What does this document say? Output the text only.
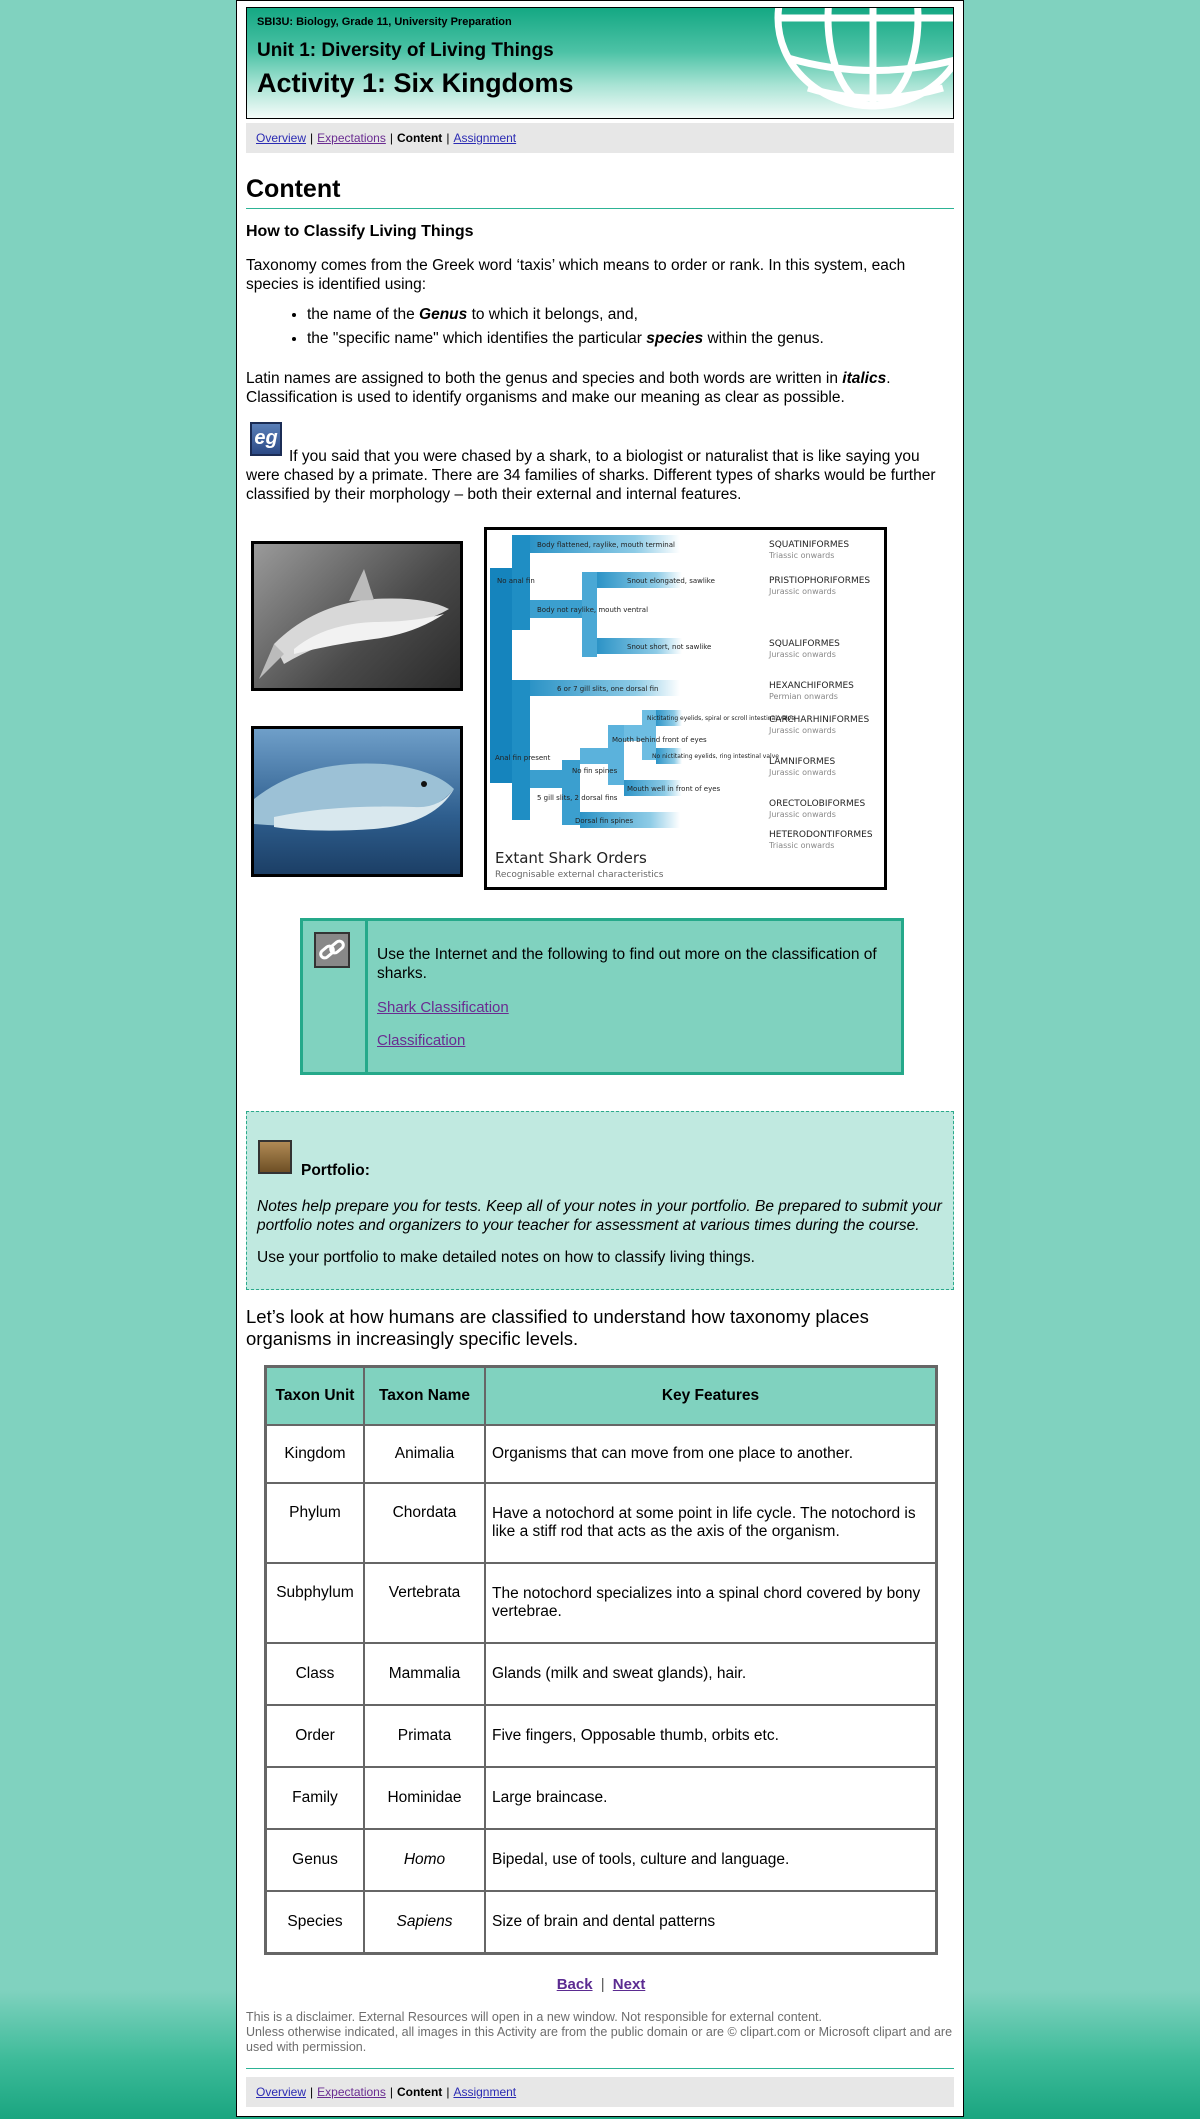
SBI3U: Biology, Grade 11, University Preparation
Unit 1: Diversity of Living Things
Activity 1: Six Kingdoms
Overview | Expectations | Content | Assignment
Content
How to Classify Living Things
Taxonomy comes from the Greek word ‘taxis’ which means to order or rank. In this system, each species is identified using:
• the name of the Genus to which it belongs, and,
• the "specific name" which identifies the particular species within the genus.
Latin names are assigned to both the genus and species and both words are written in italics. Classification is used to identify organisms and make our meaning as clear as possible.
eg
If you said that you were chased by a shark, to a biologist or naturalist that is like saying you were chased by a primate. There are 34 families of sharks. Different types of sharks would be further classified by their morphology – both their external and internal features.
Body flattened, raylike, mouth terminal
No anal fin
Body not raylike, mouth ventral
Snout elongated, sawlike
Snout short, not sawlike
6 or 7 gill slits, one dorsal fin
Anal fin present
5 gill slits, 2 dorsal fins
No fin spines
Dorsal fin spines
Mouth behind front of eyes
Mouth well in front of eyes
Nictitating eyelids, spiral or scroll intestinal valve
No nictitating eyelids, ring intestinal valve
SQUATINIFORMES
Triassic onwards
PRISTIOPHORIFORMES
Jurassic onwards
SQUALIFORMES
Jurassic onwards
HEXANCHIFORMES
Permian onwards
CARCHARHINIFORMES
Jurassic onwards
LAMNIFORMES
Jurassic onwards
ORECTOLOBIFORMES
Jurassic onwards
HETERODONTIFORMES
Triassic onwards
Extant Shark Orders
Recognisable external characteristics
Use the Internet and the following to find out more on the classification of sharks.
Shark Classification
Classification
Portfolio:
Notes help prepare you for tests. Keep all of your notes in your portfolio. Be prepared to submit your portfolio notes and organizers to your teacher for assessment at various times during the course.
Use your portfolio to make detailed notes on how to classify living things.
Let’s look at how humans are classified to understand how taxonomy places organisms in increasingly specific levels.
Taxon Unit	Taxon Name	Key Features
Kingdom	Animalia	Organisms that can move from one place to another.
Phylum	Chordata	Have a notochord at some point in life cycle. The notochord is like a stiff rod that acts as the axis of the organism.
Subphylum	Vertebrata	The notochord specializes into a spinal chord covered by bony vertebrae.
Class	Mammalia	Glands (milk and sweat glands), hair.
Order	Primata	Five fingers, Opposable thumb, orbits etc.
Family	Hominidae	Large braincase.
Genus	Homo	Bipedal, use of tools, culture and language.
Species	Sapiens	Size of brain and dental patterns
Back | Next
This is a disclaimer. External Resources will open in a new window. Not responsible for external content.
Unless otherwise indicated, all images in this Activity are from the public domain or are © clipart.com or Microsoft clipart and are used with permission.
Overview | Expectations | Content | Assignment
